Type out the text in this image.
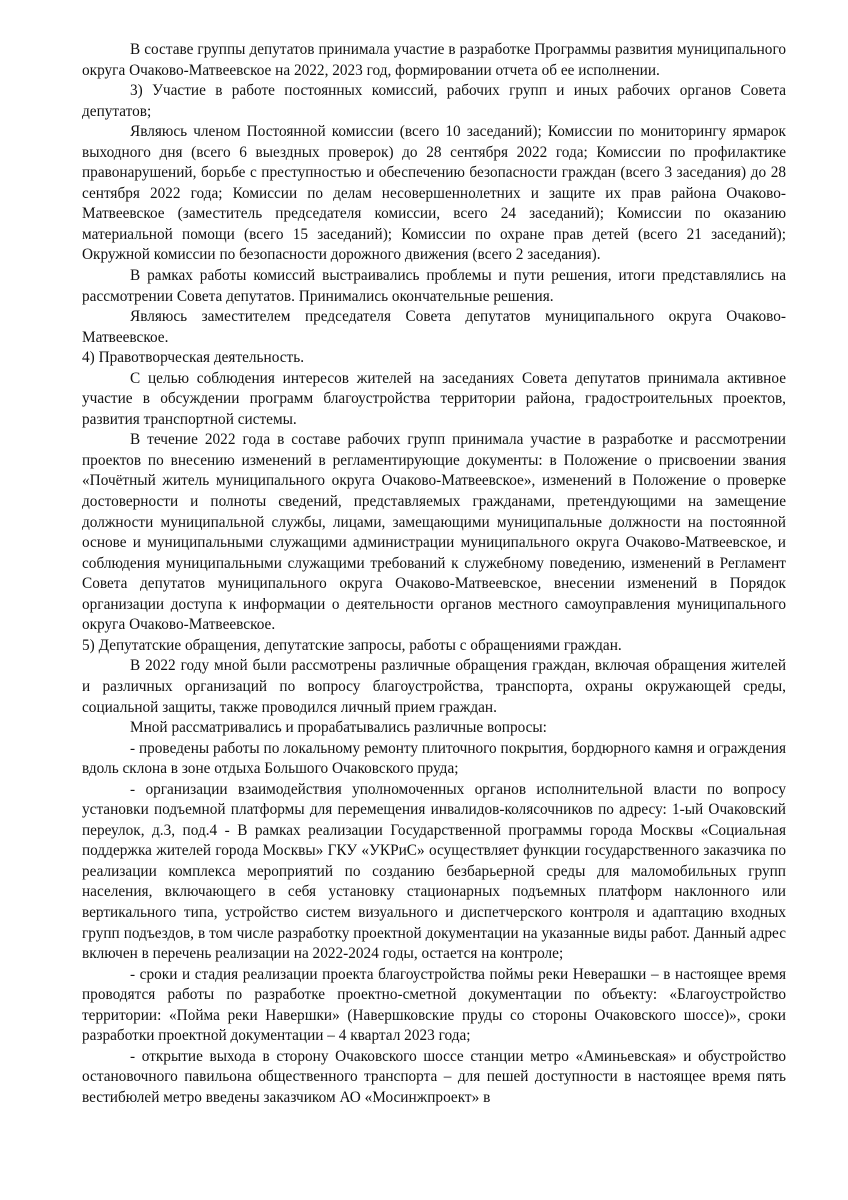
В составе группы депутатов принимала участие в разработке Программы развития муниципального округа Очаково-Матвеевское на 2022, 2023 год, формировании отчета об ее исполнении.

3) Участие в работе постоянных комиссий, рабочих групп и иных рабочих органов Совета депутатов;

Являюсь членом Постоянной комиссии (всего 10 заседаний); Комиссии по мониторингу ярмарок выходного дня (всего 6 выездных проверок) до 28 сентября 2022 года; Комиссии по профилактике правонарушений, борьбе с преступностью и обеспечению безопасности граждан (всего 3 заседания) до 28 сентября 2022 года; Комиссии по делам несовершеннолетних и защите их прав района Очаково-Матвеевское (заместитель председателя комиссии, всего 24 заседаний); Комиссии по оказанию материальной помощи (всего 15 заседаний); Комиссии по охране прав детей (всего 21 заседаний); Окружной комиссии по безопасности дорожного движения (всего 2 заседания).

В рамках работы комиссий выстраивались проблемы и пути решения, итоги представлялись на рассмотрении Совета депутатов. Принимались окончательные решения.

Являюсь заместителем председателя Совета депутатов муниципального округа Очаково-Матвеевское.

4) Правотворческая деятельность.

С целью соблюдения интересов жителей на заседаниях Совета депутатов принимала активное участие в обсуждении программ благоустройства территории района, градостроительных проектов, развития транспортной системы.

В течение 2022 года в составе рабочих групп принимала участие в разработке и рассмотрении проектов по внесению изменений в регламентирующие документы: в Положение о присвоении звания «Почётный житель муниципального округа Очаково-Матвеевское», изменений в Положение о проверке достоверности и полноты сведений, представляемых гражданами, претендующими на замещение должности муниципальной службы, лицами, замещающими муниципальные должности на постоянной основе и муниципальными служащими администрации муниципального округа Очаково-Матвеевское, и соблюдения муниципальными служащими требований к служебному поведению, изменений в Регламент Совета депутатов муниципального округа Очаково-Матвеевское, внесении изменений в Порядок организации доступа к информации о деятельности органов местного самоуправления муниципального округа Очаково-Матвеевское.

5) Депутатские обращения, депутатские запросы, работы с обращениями граждан.

В 2022 году мной были рассмотрены различные обращения граждан, включая обращения жителей и различных организаций по вопросу благоустройства, транспорта, охраны окружающей среды, социальной защиты, также проводился личный прием граждан.

Мной рассматривались и прорабатывались различные вопросы:

- проведены работы по локальному ремонту плиточного покрытия, бордюрного камня и ограждения вдоль склона в зоне отдыха Большого Очаковского пруда;

- организации взаимодействия уполномоченных органов исполнительной власти по вопросу установки подъемной платформы для перемещения инвалидов-колясочников по адресу: 1-ый Очаковский переулок, д.3, под.4 - В рамках реализации Государственной программы города Москвы «Социальная поддержка жителей города Москвы» ГКУ «УКРиС» осуществляет функции государственного заказчика по реализации комплекса мероприятий по созданию безбарьерной среды для маломобильных групп населения, включающего в себя установку стационарных подъемных платформ наклонного или вертикального типа, устройство систем визуального и диспетчерского контроля и адаптацию входных групп подъездов, в том числе разработку проектной документации на указанные виды работ. Данный адрес включен в перечень реализации на 2022-2024 годы, остается на контроле;

- сроки и стадия реализации проекта благоустройства поймы реки Неверашки – в настоящее время проводятся работы по разработке проектно-сметной документации по объекту: «Благоустройство территории: «Пойма реки Навершки» (Навершковские пруды со стороны Очаковского шоссе)», сроки разработки проектной документации – 4 квартал 2023 года;

- открытие выхода в сторону Очаковского шоссе станции метро «Аминьевская» и обустройство остановочного павильона общественного транспорта – для пешей доступности в настоящее время пять вестибюлей метро введены заказчиком АО «Мосинжпроект» в
